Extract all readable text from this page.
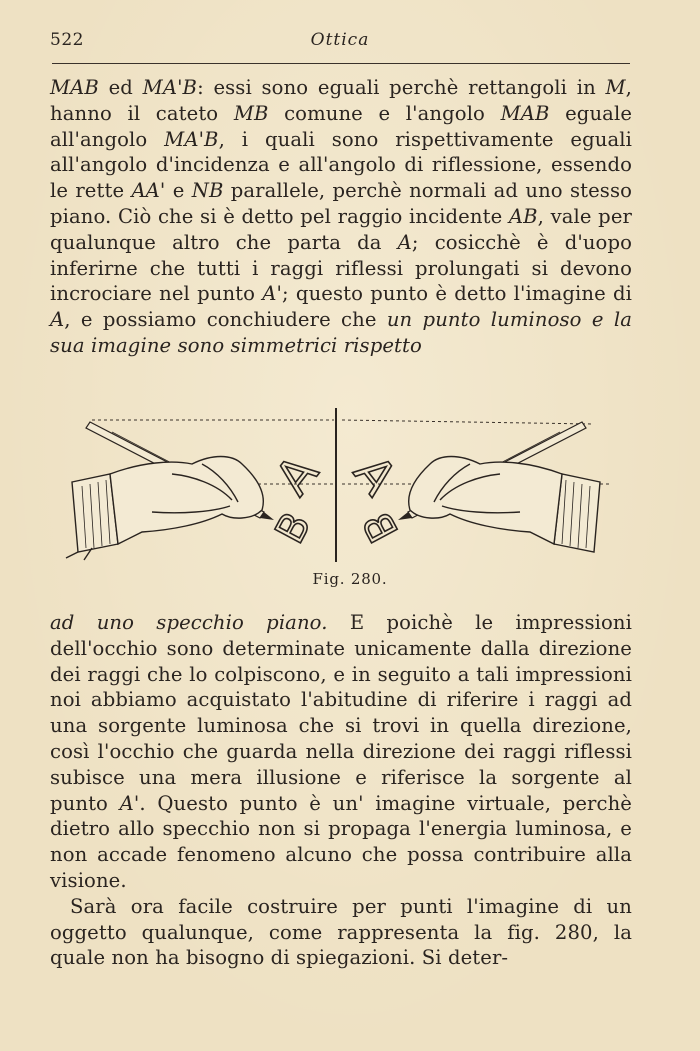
522	Ottica

MAB ed MA'B: essi sono eguali perchè rettangoli in M, hanno il cateto MB comune e l'angolo MAB eguale all'angolo MA'B, i quali sono rispettivamente eguali all'angolo d'incidenza e all'angolo di riflessione, essendo le rette AA' e NB parallele, perchè normali ad uno stesso piano. Ciò che si è detto pel raggio incidente AB, vale per qualunque altro che parta da A; cosicchè è d'uopo inferirne che tutti i raggi riflessi prolungati si devono incrociare nel punto A'; questo punto è detto l'imagine di A, e possiamo conchiudere che un punto luminoso e la sua imagine sono simmetrici rispetto

A
B
A
B
Fig. 280.

ad uno specchio piano. E poichè le impressioni dell'occhio sono determinate unicamente dalla direzione dei raggi che lo colpiscono, e in seguito a tali impressioni noi abbiamo acquistato l'abitudine di riferire i raggi ad una sorgente luminosa che si trovi in quella direzione, così l'occhio che guarda nella direzione dei raggi riflessi subisce una mera illusione e riferisce la sorgente al punto A'. Questo punto è un' imagine virtuale, perchè dietro allo specchio non si propaga l'energia luminosa, e non accade fenomeno alcuno che possa contribuire alla visione.

Sarà ora facile costruire per punti l'imagine di un oggetto qualunque, come rappresenta la fig. 280, la quale non ha bisogno di spiegazioni. Si deter-
